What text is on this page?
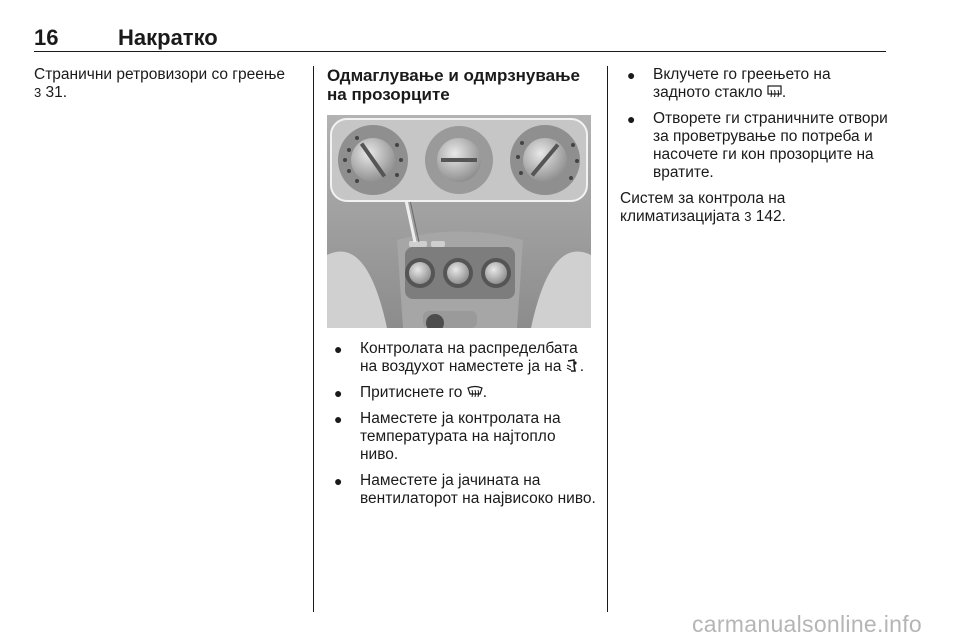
16	Накратко
Странични ретровизори со греење
3 31.
Одмаглување и одмрзнување
на прозорците
● Контролата на распределбата на воздухот наместете ја на .
● Притиснете го .
● Наместете ја контролата на температурата на најтопло ниво.
● Наместете ја јачината на вентилаторот на највисоко ниво.
● Вклучете го греењето на задното стакло .
● Отворете ги страничните отвори за проветрување по потреба и насочете ги кон прозорците на вратите.
Систем за контрола на климатизацијата 3 142.
carmanualsonline.info
